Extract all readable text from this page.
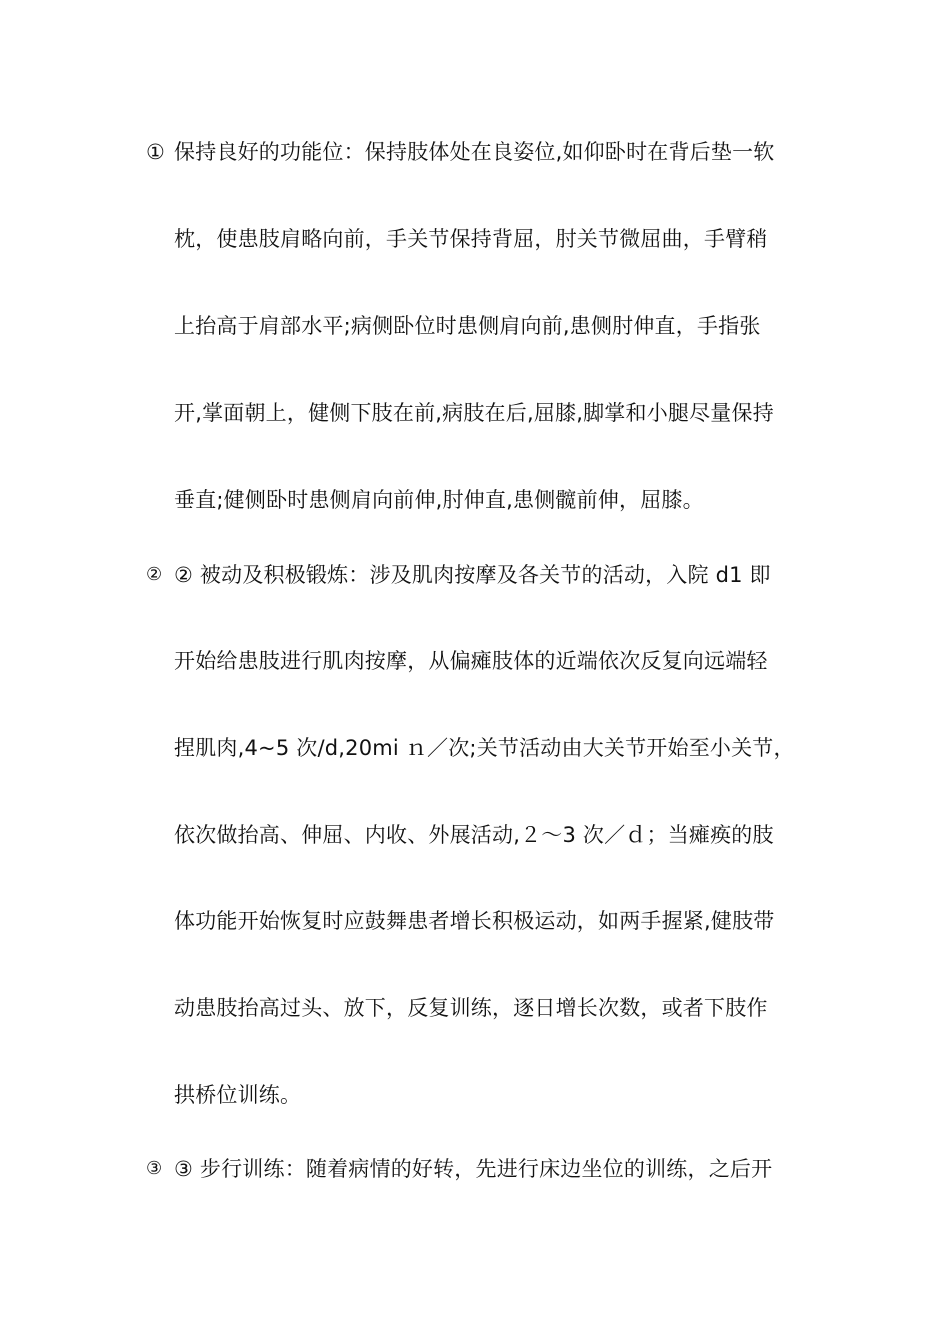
① 保持良好的功能位：保持肢体处在良姿位,如仰卧时在背后垫一软
枕，使患肢肩略向前，手关节保持背屈，肘关节微屈曲，手臂稍
上抬高于肩部水平;病侧卧位时患侧肩向前,患侧肘伸直，手指张
开,掌面朝上，健侧下肢在前,病肢在后,屈膝,脚掌和小腿尽量保持
垂直;健侧卧时患侧肩向前伸,肘伸直,患侧髋前伸，屈膝。
② ② 被动及积极锻炼：涉及肌肉按摩及各关节的活动，入院 d1 即
开始给患肢进行肌肉按摩，从偏瘫肢体的近端依次反复向远端轻
捏肌肉,4~5 次/d,20mi ｎ／次;关节活动由大关节开始至小关节，
依次做抬高、伸屈、内收、外展活动,２～3 次／ｄ；当瘫痪的肢
体功能开始恢复时应鼓舞患者增长积极运动，如两手握紧,健肢带
动患肢抬高过头、放下，反复训练，逐日增长次数，或者下肢作
拱桥位训练。
③ ③ 步行训练：随着病情的好转，先进行床边坐位的训练，之后开
